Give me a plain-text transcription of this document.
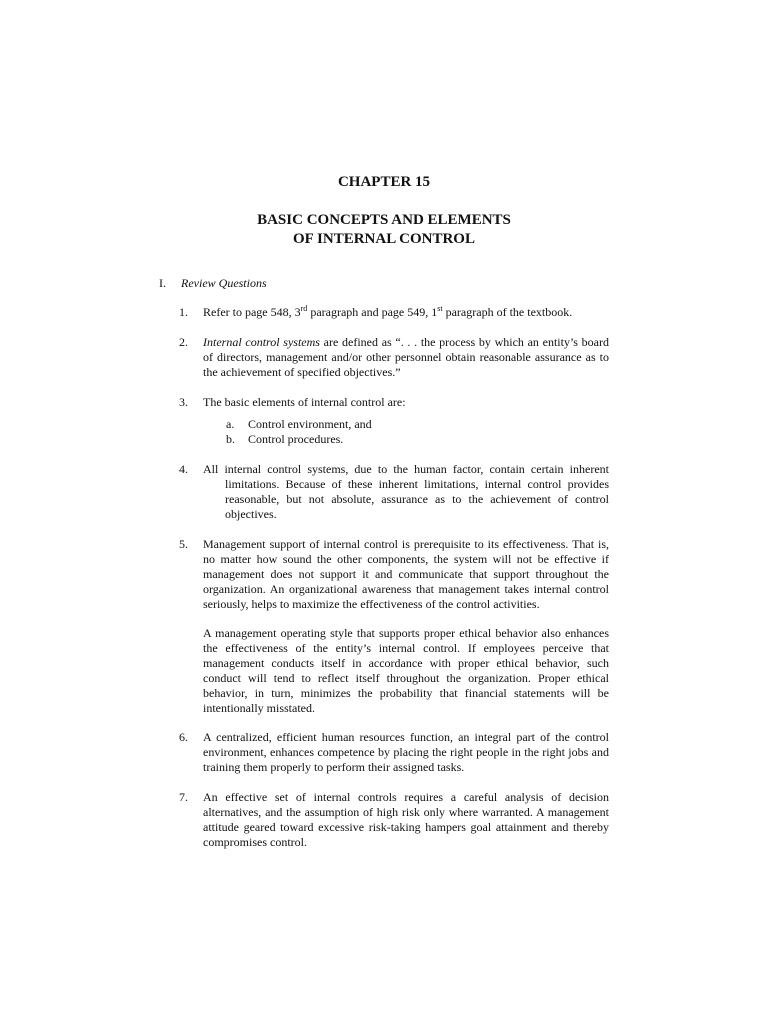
CHAPTER 15
BASIC CONCEPTS AND ELEMENTS
OF INTERNAL CONTROL
I. Review Questions
1. Refer to page 548, 3rd paragraph and page 549, 1st paragraph of the textbook.
2. Internal control systems are defined as “. . . the process by which an entity’s board of directors, management and/or other personnel obtain reasonable assurance as to the achievement of specified objectives.”
3. The basic elements of internal control are:
a. Control environment, and
b. Control procedures.
4. All internal control systems, due to the human factor, contain certain inherent limitations. Because of these inherent limitations, internal control provides reasonable, but not absolute, assurance as to the achievement of control objectives.
5. Management support of internal control is prerequisite to its effectiveness. That is, no matter how sound the other components, the system will not be effective if management does not support it and communicate that support throughout the organization. An organizational awareness that management takes internal control seriously, helps to maximize the effectiveness of the control activities.

A management operating style that supports proper ethical behavior also enhances the effectiveness of the entity’s internal control. If employees perceive that management conducts itself in accordance with proper ethical behavior, such conduct will tend to reflect itself throughout the organization. Proper ethical behavior, in turn, minimizes the probability that financial statements will be intentionally misstated.

6. A centralized, efficient human resources function, an integral part of the control environment, enhances competence by placing the right people in the right jobs and training them properly to perform their assigned tasks.
7. An effective set of internal controls requires a careful analysis of decision alternatives, and the assumption of high risk only where warranted. A management attitude geared toward excessive risk-taking hampers goal attainment and thereby compromises control.
